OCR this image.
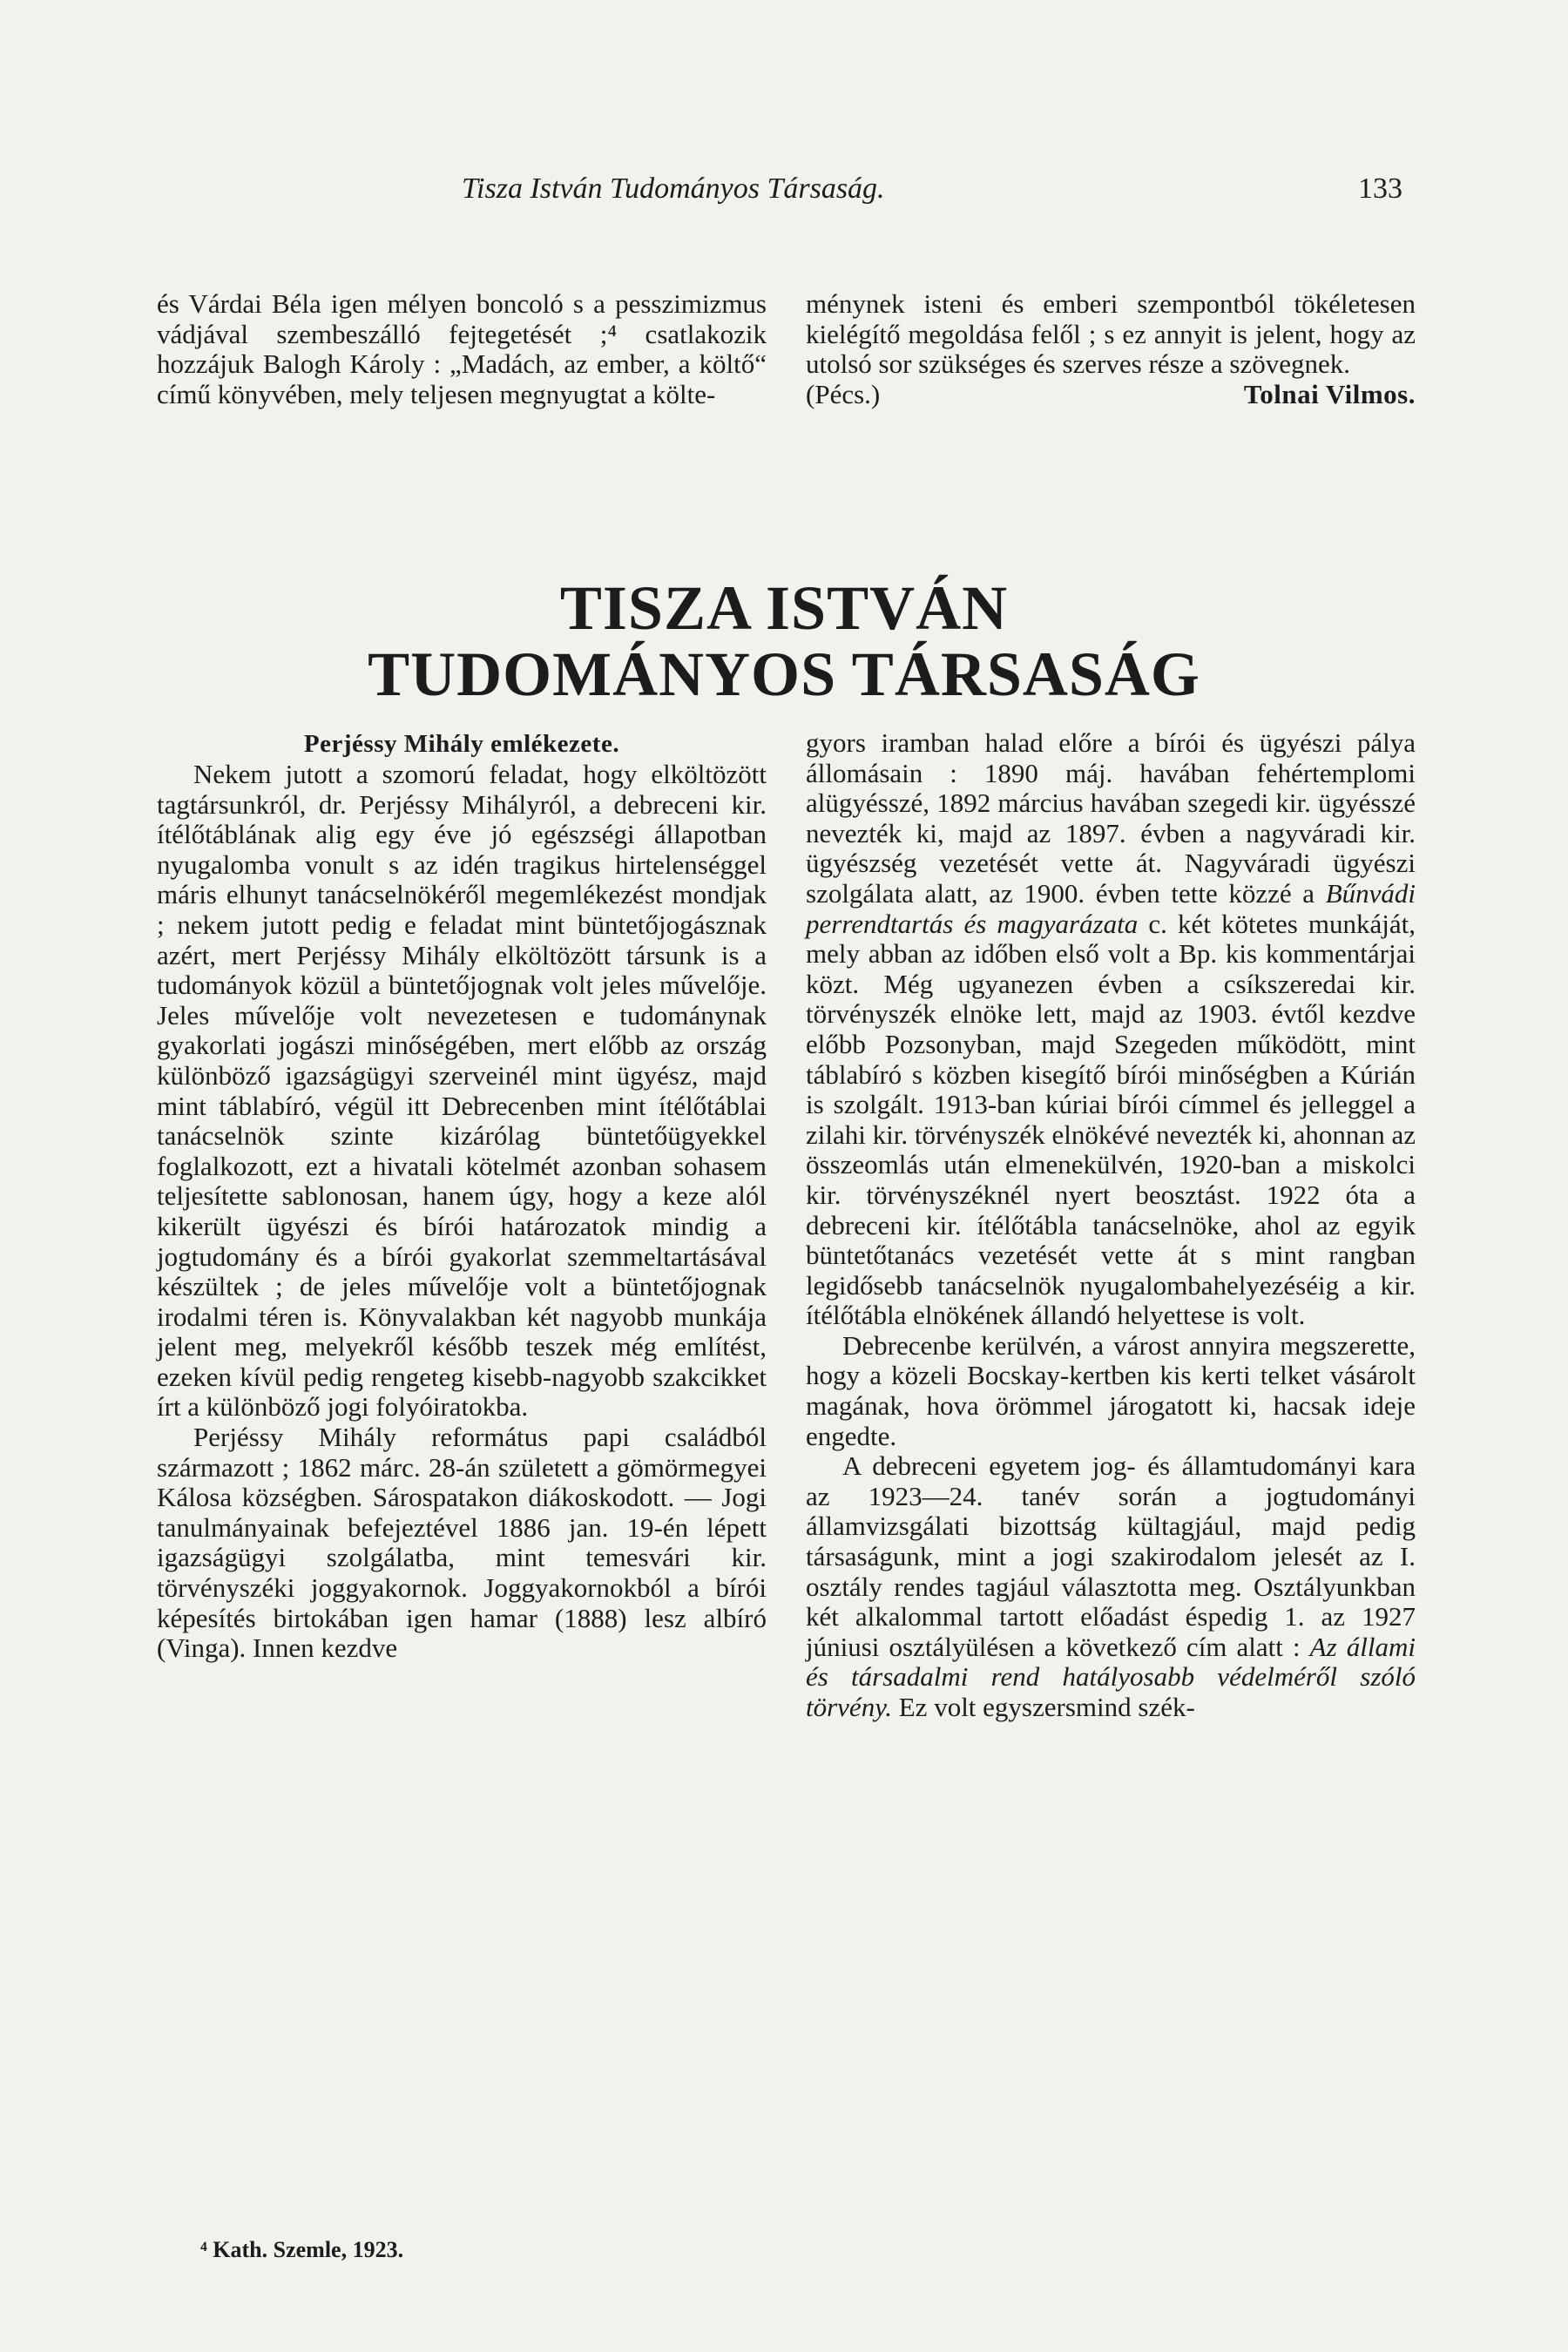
Tisza István Tudományos Társaság.	133

és Várdai Béla igen mélyen boncoló s a pesszimizmus vádjával szembeszálló fejtegetését ;⁴ csatlakozik hozzájuk Balogh Károly : „Madách, az ember, a költő“ című könyvében, mely teljesen megnyugtat a költe-

ménynek isteni és emberi szempontból tökéletesen kielégítő megoldása felől ; s ez annyit is jelent, hogy az utolsó sor szükséges és szerves része a szövegnek.

(Pécs.)	Tolnai Vilmos.
TISZA ISTVÁN
TUDOMÁNYOS TÁRSASÁG
Perjéssy Mihály emlékezete.

Nekem jutott a szomorú feladat, hogy elköltözött tagtársunkról, dr. Perjéssy Mihályról, a debreceni kir. ítélőtáblának alig egy éve jó egészségi állapotban nyugalomba vonult s az idén tragikus hirtelenséggel máris elhunyt tanácselnökéről megemlékezést mondjak ; nekem jutott pedig e feladat mint büntetőjogásznak azért, mert Perjéssy Mihály elköltözött társunk is a tudományok közül a büntetőjognak volt jeles művelője. Jeles művelője volt nevezetesen e tudománynak gyakorlati jogászi minőségében, mert előbb az ország különböző igazságügyi szerveinél mint ügyész, majd mint táblabíró, végül itt Debrecenben mint ítélőtáblai tanácselnök szinte kizárólag büntetőügyekkel foglalkozott, ezt a hivatali kötelmét azonban sohasem teljesítette sablonosan, hanem úgy, hogy a keze alól kikerült ügyészi és bírói határozatok mindig a jogtudomány és a bírói gyakorlat szemmeltartásával készültek ; de jeles művelője volt a büntetőjognak irodalmi téren is. Könyvalakban két nagyobb munkája jelent meg, melyekről később teszek még említést, ezeken kívül pedig rengeteg kisebb-nagyobb szakcikket írt a különböző jogi folyóiratokba.

Perjéssy Mihály református papi családból származott ; 1862 márc. 28-án született a gömörmegyei Kálosa községben. Sárospatakon diákoskodott. — Jogi tanulmányainak befejeztével 1886 jan. 19-én lépett igazságügyi szolgálatba, mint temesvári kir. törvényszéki joggyakornok. Joggyakornokból a bírói képesítés birtokában igen hamar (1888) lesz albíró (Vinga). Innen kezdve

gyors iramban halad előre a bírói és ügyészi pálya állomásain : 1890 máj. havában fehértemplomi alügyésszé, 1892 március havában szegedi kir. ügyésszé nevezték ki, majd az 1897. évben a nagyváradi kir. ügyészség vezetését vette át. Nagyváradi ügyészi szolgálata alatt, az 1900. évben tette közzé a Bűnvádi perrendtartás és magyarázata c. két kötetes munkáját, mely abban az időben első volt a Bp. kis kommentárjai közt. Még ugyanezen évben a csíkszeredai kir. törvényszék elnöke lett, majd az 1903. évtől kezdve előbb Pozsonyban, majd Szegeden működött, mint táblabíró s közben kisegítő bírói minőségben a Kúrián is szolgált. 1913-ban kúriai bírói címmel és jelleggel a zilahi kir. törvényszék elnökévé nevezték ki, ahonnan az összeomlás után elmenekülvén, 1920-ban a miskolci kir. törvényszéknél nyert beosztást. 1922 óta a debreceni kir. ítélőtábla tanácselnöke, ahol az egyik büntetőtanács vezetését vette át s mint rangban legidősebb tanácselnök nyugalombahelyezéséig a kir. ítélőtábla elnökének állandó helyettese is volt.

Debrecenbe kerülvén, a várost annyira megszerette, hogy a közeli Bocskay-kertben kis kerti telket vásárolt magának, hova örömmel járogatott ki, hacsak ideje engedte.

A debreceni egyetem jog- és államtudományi kara az 1923—24. tanév során a jogtudományi államvizsgálati bizottság kültagjául, majd pedig társaságunk, mint a jogi szakirodalom jelesét az I. osztály rendes tagjául választotta meg. Osztályunkban két alkalommal tartott előadást éspedig 1. az 1927 júniusi osztályülésen a következő cím alatt : Az állami és társadalmi rend hatályosabb védelméről szóló törvény. Ez volt egyszersmind szék-

⁴ Kath. Szemle, 1923.
